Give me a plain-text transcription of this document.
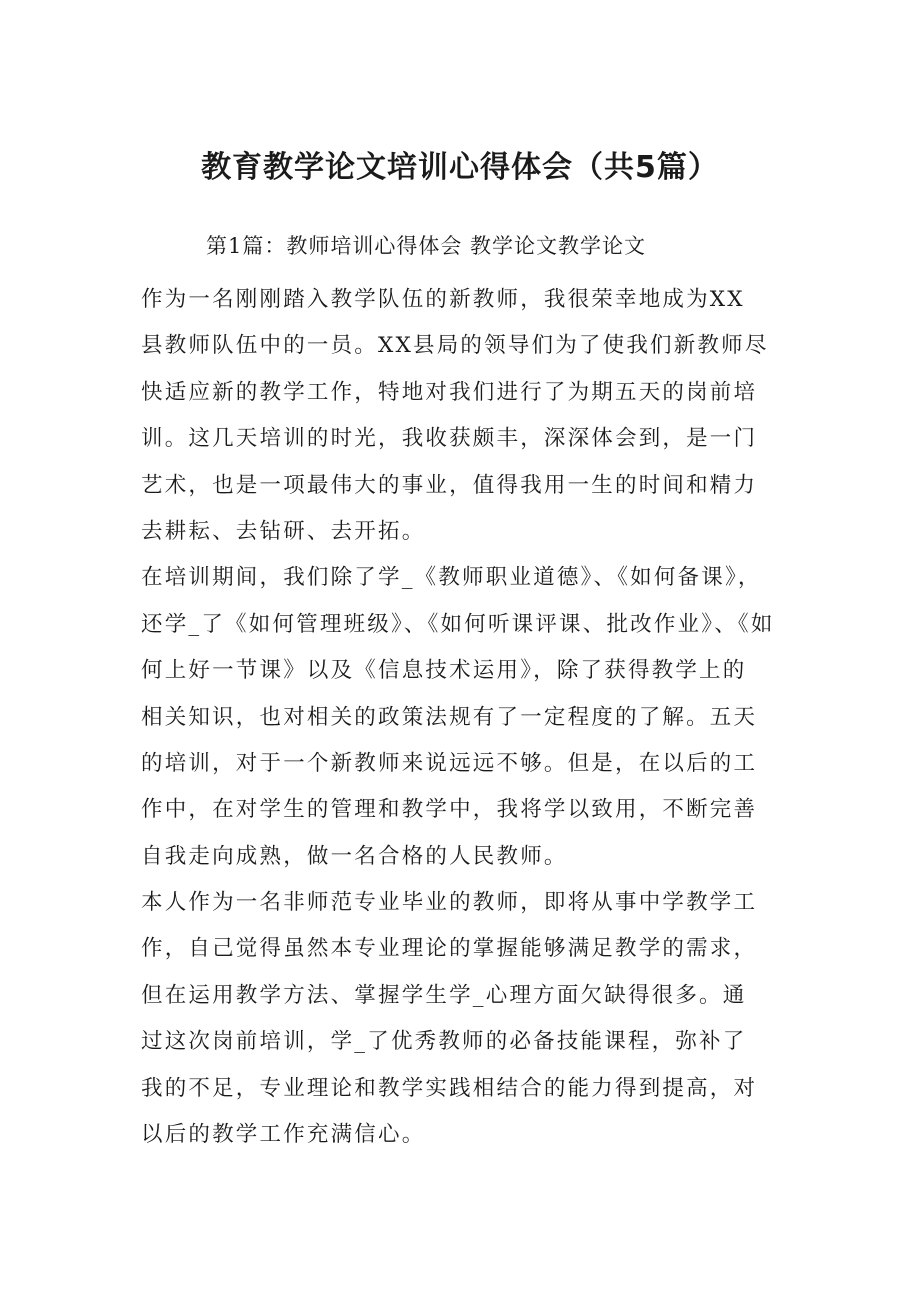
教育教学论文培训心得体会（共5篇）

第1篇：教师培训心得体会 教学论文教学论文

作为一名刚刚踏入教学队伍的新教师，我很荣幸地成为XX
县教师队伍中的一员。XX县局的领导们为了使我们新教师尽
快适应新的教学工作，特地对我们进行了为期五天的岗前培
训。这几天培训的时光，我收获颇丰，深深体会到，是一门
艺术，也是一项最伟大的事业，值得我用一生的时间和精力
去耕耘、去钻研、去开拓。
在培训期间，我们除了学_《教师职业道德》、《如何备课》，
还学_了《如何管理班级》、《如何听课评课、批改作业》、《如
何上好一节课》以及《信息技术运用》，除了获得教学上的
相关知识，也对相关的政策法规有了一定程度的了解。五天
的培训，对于一个新教师来说远远不够。但是，在以后的工
作中，在对学生的管理和教学中，我将学以致用，不断完善
自我走向成熟，做一名合格的人民教师。
本人作为一名非师范专业毕业的教师，即将从事中学教学工
作，自己觉得虽然本专业理论的掌握能够满足教学的需求，
但在运用教学方法、掌握学生学_心理方面欠缺得很多。通
过这次岗前培训，学_了优秀教师的必备技能课程，弥补了
我的不足，专业理论和教学实践相结合的能力得到提高，对
以后的教学工作充满信心。
